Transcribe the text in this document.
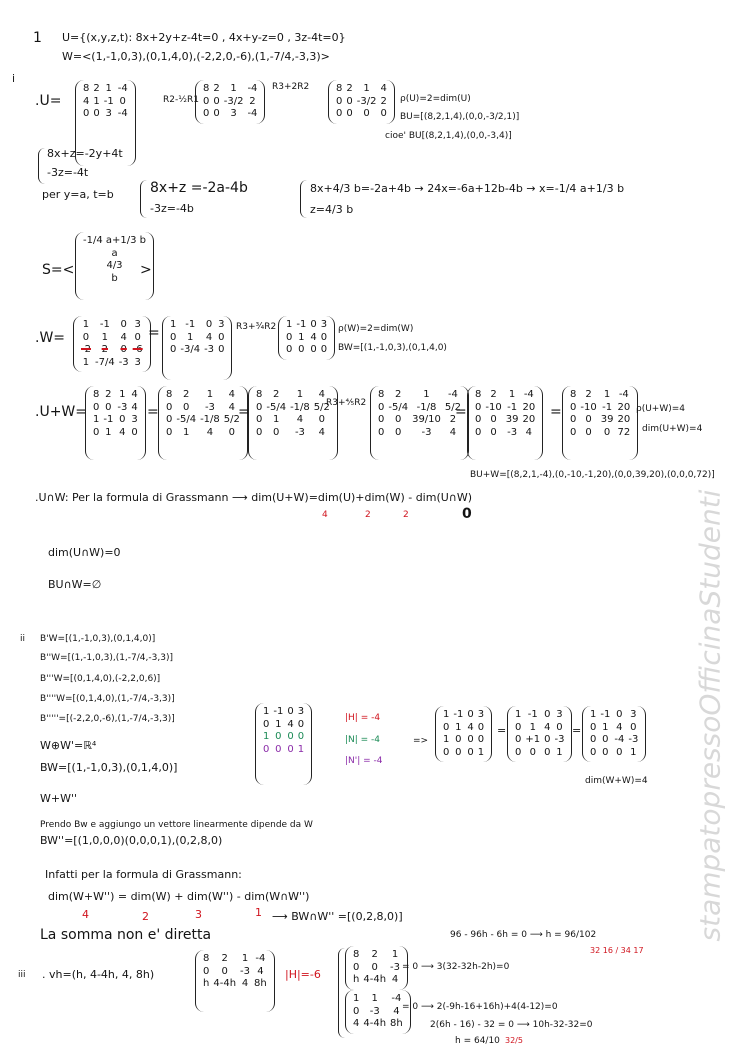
1 U={(x,y,z,t): 8x+2y+z-4t=0 , 4x+y-z=0 , 3z-4t=0}
W=<(1,-1,0,3),(0,1,4,0),(-2,2,0,-6),(1,-7/4,-3,3)>
i
.U=
8	2	1	-4
4	1	-1	0
0	0	3	-4
R2-½R1
8	2	1	-4
0	0	-3/2	2
0	0	3	-4
R3+2R2	8	2	1	4
0	0	-3/2	2
0	0	0	0
ρ(U)=2=dim(U)
BU=[(8,2,1,4),(0,0,-3/2,1)]
cioe' BU[(8,2,1,4),(0,0,-3,4)]
8x+z=-2y+4t
-3z=-4t
per y=a, t=b	8x+z =-2a-4b
-3z=-4b
8x+4/3 b=-2a+4b → 24x=-6a+12b-4b → x=-1/4 a+1/3 b
z=4/3 b
S=<
-1/4 a+1/3 b
a
4/3
b >
.W=
1	-1	0	3
0	1	4	0
-2	2	0	-6
1	-7/4	-3	3
=
1	-1	0	3
0	1	4	0
0	-3/4	-3	0
R3+¾R2 1	-1	0	3
0	1	4	0
0	0	0	0
ρ(W)=2=dim(W)
BW=[(1,-1,0,3),(0,1,4,0)
.U+W=
8	2	1	4
0	0	-3	4
1	-1	0	3
0	1	4	0
=
8	2	1	4
0	0	-3	4
0	-5/4	-1/8	5/2
0	1	4	0
=
8	2	1	4
0	-5/4	-1/8	5/2
0	1	4	0
0	0	-3	4
R3+⅘R2
8	2	1	-4
0	-5/4	-1/8	5/2
0	0	39/10	2
0	0	-3	4
=
8	2	1	-4
0	-10	-1	20
0	0	39	20
0	0	-3	4
=
8	2	1	-4
0	-10	-1	20
0	0	39	20
0	0	0	72
ρ(U+W)=4
dim(U+W)=4
BU+W=[(8,2,1,-4),(0,-10,-1,20),(0,0,39,20),(0,0,0,72)]
.U∩W: Per la formula di Grassmann ⟶ dim(U+W)=dim(U)+dim(W) - dim(U∩W)
4	2	2	0
dim(U∩W)=0
BU∩W=∅
ii B'W=[(1,-1,0,3),(0,1,4,0)]
B''W=[(1,-1,0,3),(1,-7/4,-3,3)]
B'''W=[(0,1,4,0),(-2,2,0,6)]
B''''W=[(0,1,4,0),(1,-7/4,-3,3)]
B'''''=[(-2,2,0,-6),(1,-7/4,-3,3)]
W⊕W'=ℝ⁴
BW=[(1,-1,0,3),(0,1,4,0)]
1	-1	0	3
0	1	4	0
1	0	0	0
0	0	0	1
|H| = -4
|N| = -4
|N'| = -4
=>
1	-1	0	3
0	1	4	0
1	0	0	0
0	0	0	1
=
1	-1	0	3
0	1	4	0
0	+1	0	-3
0	0	0	1
=
1	-1	0	3
0	1	4	0
0	0	-4	-3
0	0	0	1
dim(W+W)=4
W+W''
Prendo Bw e aggiungo un vettore linearmente dipende da W
BW''=[(1,0,0,0)(0,0,0,1),(0,2,8,0)
Infatti per la formula di Grassmann:
dim(W+W'') = dim(W) + dim(W'') - dim(W∩W'')
4	2	3	1 ⟶ BW∩W'' =[(0,2,8,0)]
La somma non e' diretta
iii . vh=(h, 4-4h, 4, 8h)
8	2	1	-4
0	0	-3	4
h	4-4h	4	8h
|H|=-6
96 - 96h - 6h = 0 ⟶ h = 96/102
32 16 / 34 17
8	2	1
0	0	-3
h	4-4h	4
= 0 ⟶ 3(32-32h-2h)=0
1	1	-4
0	-3	4
4	4-4h	8h
= 0 ⟶ 2(-9h-16+16h)+4(4-12)=0
2(6h - 16) - 32 = 0 ⟶ 10h-32-32=0
h = 64/10 32/5
stampatopressoOfficinaStudenti
